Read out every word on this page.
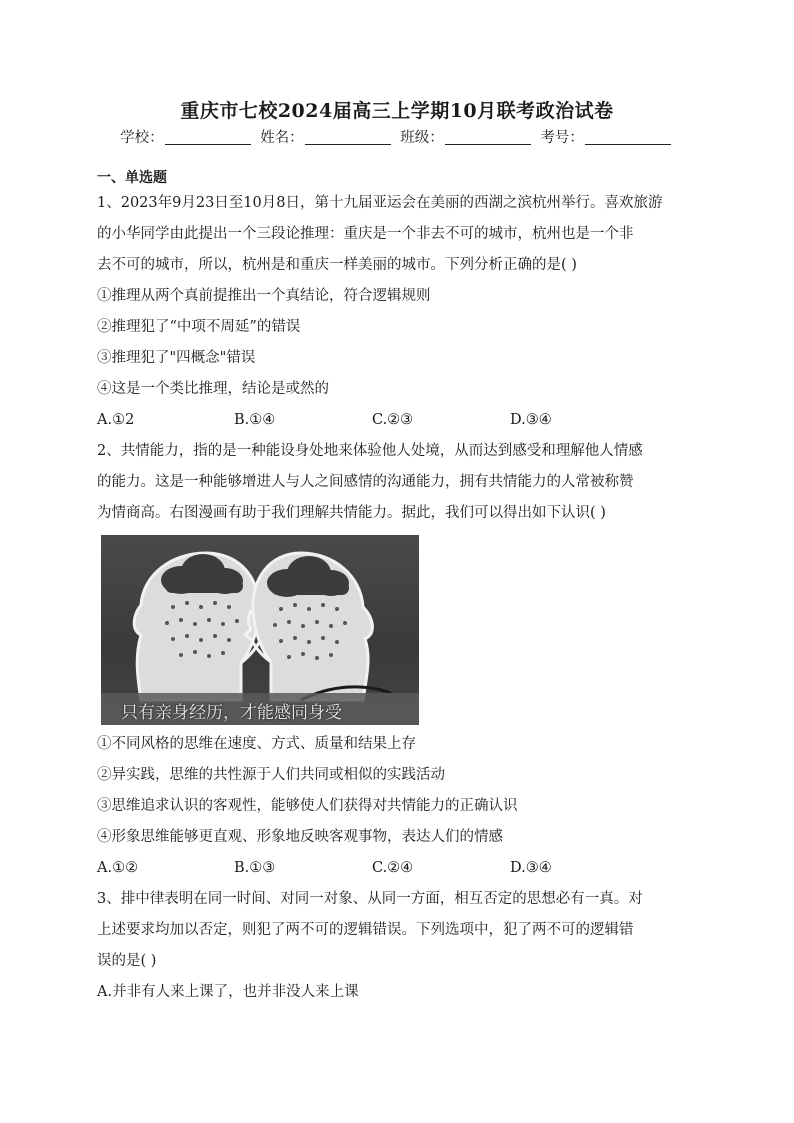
重庆市七校2024届高三上学期10月联考政治试卷
学校：	姓名：	班级：	考号：
一、单选题
1、2023年9月23日至10月8日，第十九届亚运会在美丽的西湖之滨杭州举行。喜欢旅游
的小华同学由此提出一个三段论推理：重庆是一个非去不可的城市，杭州也是一个非
去不可的城市，所以，杭州是和重庆一样美丽的城市。下列分析正确的是( )
①推理从两个真前提推出一个真结论，符合逻辑规则
②推理犯了“中项不周延”的错误
③推理犯了"四概念"错误
④这是一个类比推理，结论是或然的
A.①2	B.①④	C.②③	D.③④
2、共情能力，指的是一种能设身处地来体验他人处境，从而达到感受和理解他人情感
的能力。这是一种能够增进人与人之间感情的沟通能力，拥有共情能力的人常被称赞
为情商高。右图漫画有助于我们理解共情能力。据此，我们可以得出如下认识( )
只有亲身经历，才能感同身受
①不同风格的思维在速度、方式、质量和结果上存
②异实践，思维的共性源于人们共同或相似的实践活动
③思维追求认识的客观性，能够使人们获得对共情能力的正确认识
④形象思维能够更直观、形象地反映客观事物，表达人们的情感
A.①②	B.①③	C.②④	D.③④
3、排中律表明在同一时间、对同一对象、从同一方面，相互否定的思想必有一真。对
上述要求均加以否定，则犯了两不可的逻辑错误。下列选项中，犯了两不可的逻辑错
误的是( )
A.并非有人来上课了，也并非没人来上课
